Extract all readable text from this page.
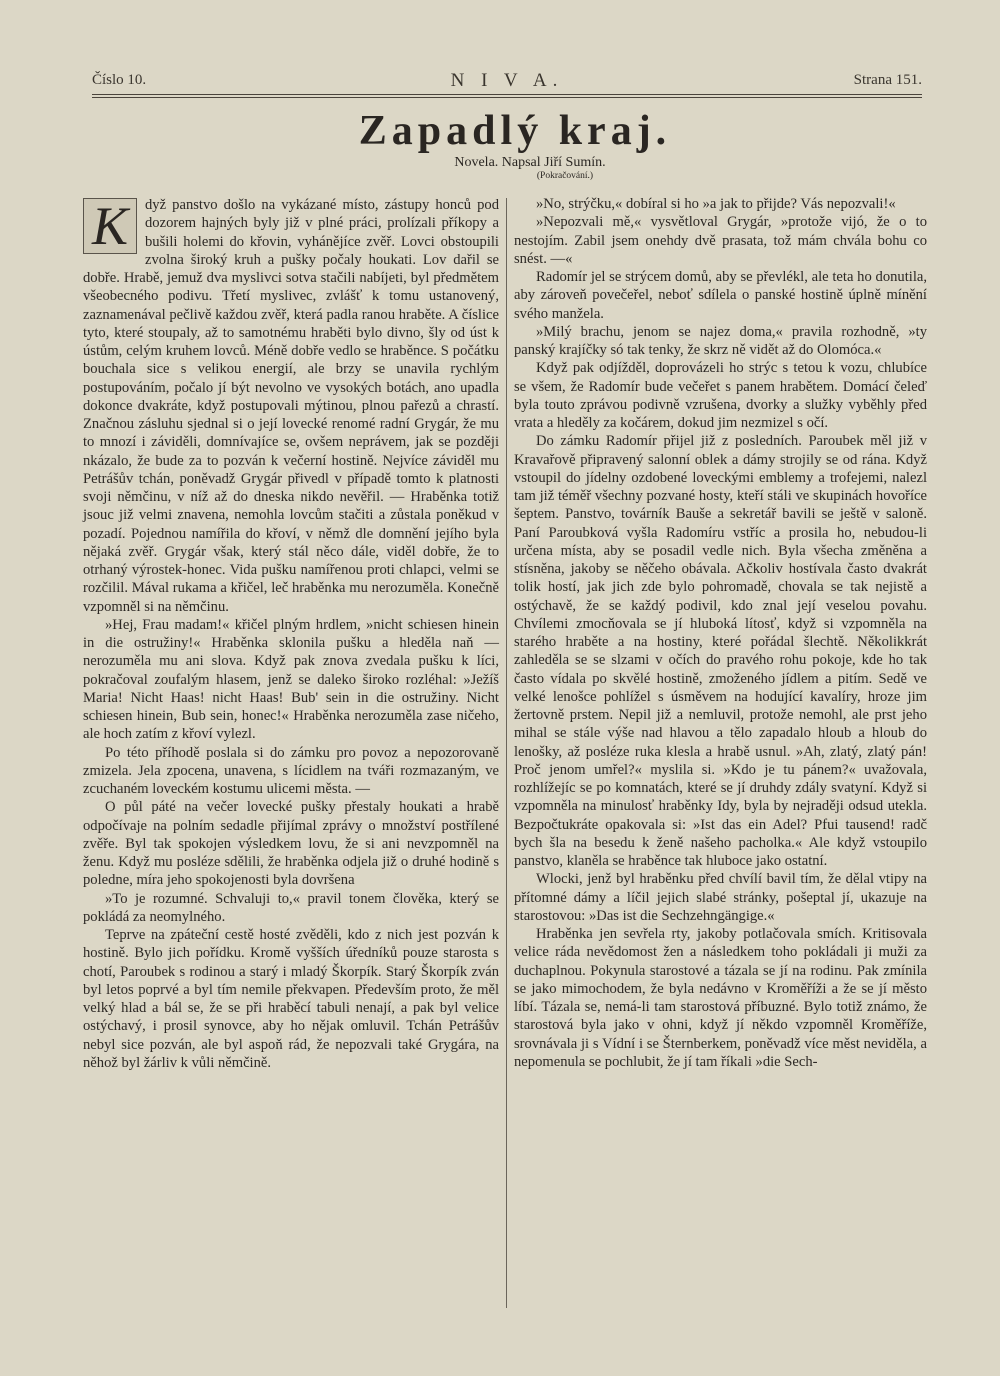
Číslo 10.	N I V A.	Strana 151.
Zapadlý kraj.
Novela. Napsal Jiří Sumín.
(Pokračování.)

K dyž panstvo došlo na vykázané místo, zástupy honců pod dozorem hajných byly již v plné práci, prolízali příkopy a bušili holemi do křovin, vyhánějíce zvěř. Lovci obstoupili zvolna široký kruh a pušky počaly houkati. Lov dařil se dobře. Hrabě, jemuž dva myslivci sotva stačili nabíjeti, byl předmětem všeobecného podivu. Třetí myslivec, zvlášť k tomu ustanovený, zaznamenával pečlivě každou zvěř, která padla ranou hraběte. A číslice tyto, které stoupaly, až to samotnému hraběti bylo divno, šly od úst k ústům, celým kruhem lovců. Méně dobře vedlo se hraběnce. S počátku bouchala sice s velikou energií, ale brzy se unavila rychlým postupováním, počalo jí být nevolno ve vysokých botách, ano upadla dokonce dvakráte, když postupovali mýtinou, plnou pařezů a chrastí. Značnou zásluhu sjednal si o její lovecké renomé radní Grygár, že mu to mnozí i záviděli, domnívajíce se, ovšem neprávem, jak se později nkázalo, že bude za to pozván k večerní hostině. Nejvíce záviděl mu Petrášův tchán, poněvadž Grygár přivedl v případě tomto k platnosti svoji němčinu, v níž až do dneska nikdo nevěřil. — Hraběnka totiž jsouc již velmi znavena, nemohla lovcům stačiti a zůstala poněkud v pozadí. Pojednou namířila do křoví, v němž dle domnění jejího byla nějaká zvěř. Grygár však, který stál něco dále, viděl dobře, že to otrhaný výrostek-honec. Vida pušku namířenou proti chlapci, velmi se rozčilil. Mával rukama a křičel, leč hraběnka mu nerozuměla. Konečně vzpomněl si na němčinu.

»Hej, Frau madam!« křičel plným hrdlem, »nicht schiesen hinein in die ostružiny!« Hraběnka sklonila pušku a hleděla naň — nerozuměla mu ani slova. Když pak znova zvedala pušku k líci, pokračoval zoufalým hlasem, jenž se daleko široko rozléhal: »Ježíš Maria! Nicht Haas! nicht Haas! Bub' sein in die ostružiny. Nicht schiesen hinein, Bub sein, honec!« Hraběnka nerozuměla zase ničeho, ale hoch zatím z křoví vylezl.

Po této příhodě poslala si do zámku pro povoz a nepozorovaně zmizela. Jela zpocena, unavena, s lícidlem na tváři rozmazaným, ve zcuchaném loveckém kostumu ulicemi města. —

O půl páté na večer lovecké pušky přestaly houkati a hrabě odpočívaje na polním sedadle přijímal zprávy o množství postřílené zvěře. Byl tak spokojen výsledkem lovu, že si ani nevzpomněl na ženu. Když mu posléze sdělili, že hraběnka odjela již o druhé hodině s poledne, míra jeho spokojenosti byla dovršena

»To je rozumné. Schvaluji to,« pravil tonem člověka, který se pokládá za neomylného.

Teprve na zpáteční cestě hosté zvěděli, kdo z nich jest pozván k hostině. Bylo jich pořídku. Kromě vyšších úředníků pouze starosta s chotí, Paroubek s rodinou a starý i mladý Škorpík. Starý Škorpík zván byl letos poprvé a byl tím nemile překvapen. Především proto, že měl velký hlad a bál se, že se při hraběcí tabuli nenají, a pak byl velice ostýchavý, i prosil synovce, aby ho nějak omluvil. Tchán Petrášův nebyl sice pozván, ale byl aspoň rád, že nepozvali také Grygára, na něhož byl žárliv k vůli němčině.

»No, strýčku,« dobíral si ho »a jak to přijde? Vás nepozvali!«

»Nepozvali mě,« vysvětloval Grygár, »protože vijó, že o to nestojím. Zabil jsem onehdy dvě prasata, tož mám chvála bohu co snést. —«

Radomír jel se strýcem domů, aby se převlékl, ale teta ho donutila, aby zároveň povečeřel, neboť sdílela o panské hostině úplně mínění svého manžela.

»Milý brachu, jenom se najez doma,« pravila rozhodně, »ty panský krajíčky só tak tenky, že skrz ně vidět až do Olomóca.«

Když pak odjížděl, doprovázeli ho strýc s tetou k vozu, chlubíce se všem, že Radomír bude večeřet s panem hrabětem. Domácí čeleď byla touto zprávou podivně vzrušena, dvorky a služky vyběhly před vrata a hleděly za kočárem, dokud jim nezmizel s očí.

Do zámku Radomír přijel již z posledních. Paroubek měl již v Kravařově připravený salonní oblek a dámy strojily se od rána. Když vstoupil do jídelny ozdobené loveckými emblemy a trofejemi, nalezl tam již téměř všechny pozvané hosty, kteří stáli ve skupinách hovoříce šeptem. Panstvo, továrník Bauše a sekretář bavili se ještě v saloně. Paní Paroubková vyšla Radomíru vstříc a prosila ho, nebudou-li určena místa, aby se posadil vedle nich. Byla všecha změněna a stísněna, jakoby se něčeho obávala. Ačkoliv hostívala často dvakrát tolik hostí, jak jich zde bylo pohromadě, chovala se tak nejistě a ostýchavě, že se každý podivil, kdo znal její veselou povahu. Chvílemi zmocňovala se jí hluboká lítosť, když si vzpomněla na starého hraběte a na hostiny, které pořádal šlechtě. Několikkrát zahleděla se se slzami v očích do pravého rohu pokoje, kde ho tak často vídala po skvělé hostině, zmoženého jídlem a pitím. Sedě ve velké lenošce pohlížel s úsměvem na hodující kavalíry, hroze jim žertovně prstem. Nepil již a nemluvil, protože nemohl, ale prst jeho mihal se stále výše nad hlavou a tělo zapadalo hloub a hloub do lenošky, až posléze ruka klesla a hrabě usnul. »Ah, zlatý, zlatý pán! Proč jenom umřel?« myslila si. »Kdo je tu pánem?« uvažovala, rozhlížejíc se po komnatách, které se jí druhdy zdály svatyní. Když si vzpomněla na minulosť hraběnky Idy, byla by nejraději odsud utekla. Bezpočtukráte opakovala si: »Ist das ein Adel? Pfui tausend! radč bych šla na besedu k ženě našeho pacholka.« Ale když vstoupilo panstvo, klaněla se hraběnce tak hluboce jako ostatní.

Wlocki, jenž byl hraběnku před chvílí bavil tím, že dělal vtipy na přítomné dámy a líčil jejich slabé stránky, pošeptal jí, ukazuje na starostovou: »Das ist die Sechzehngängige.«

Hraběnka jen sevřela rty, jakoby potlačovala smích. Kritisovala velice ráda nevědomost žen a následkem toho pokládali ji muži za duchaplnou. Pokynula starostové a tázala se jí na rodinu. Pak zmínila se jako mimochodem, že byla nedávno v Kroměříži a že se jí město líbí. Tázala se, nemá-li tam starostová příbuzné. Bylo totiž známo, že starostová byla jako v ohni, když jí někdo vzpomněl Kroměříže, srovnávala ji s Vídní i se Šternberkem, poněvadž více měst neviděla, a nepomenula se pochlubit, že jí tam říkali »die Sech-
